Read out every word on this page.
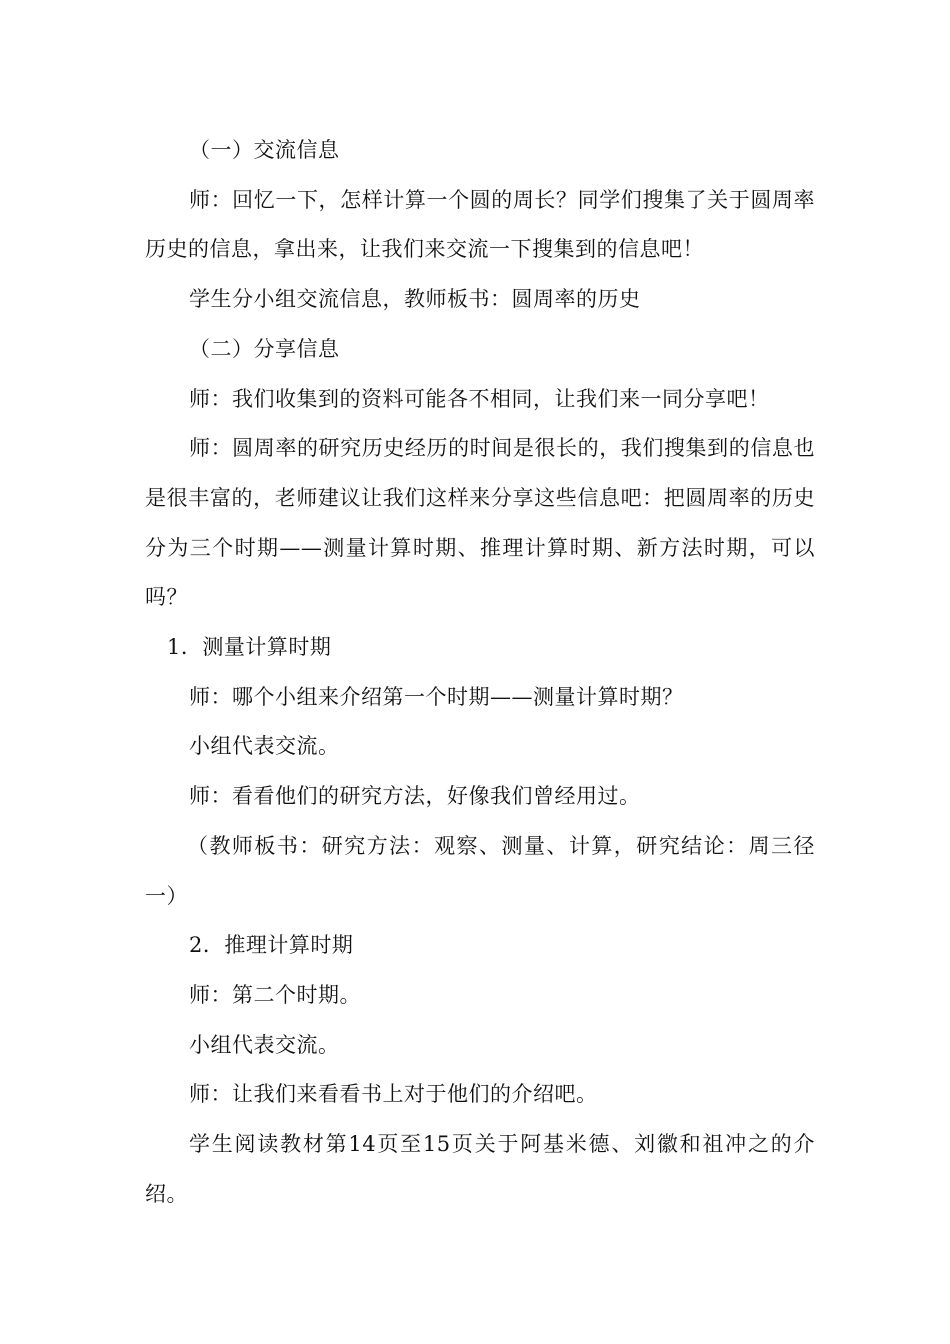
（一）交流信息

师：回忆一下，怎样计算一个圆的周长？同学们搜集了关于圆周率历史的信息，拿出来，让我们来交流一下搜集到的信息吧！

学生分小组交流信息，教师板书：圆周率的历史

（二）分享信息

师：我们收集到的资料可能各不相同，让我们来一同分享吧！

师：圆周率的研究历史经历的时间是很长的，我们搜集到的信息也是很丰富的，老师建议让我们这样来分享这些信息吧：把圆周率的历史分为三个时期——测量计算时期、推理计算时期、新方法时期，可以吗？

1．测量计算时期

师：哪个小组来介绍第一个时期——测量计算时期？

小组代表交流。

师：看看他们的研究方法，好像我们曾经用过。

（教师板书：研究方法：观察、测量、计算，研究结论：周三径一）

2．推理计算时期

师：第二个时期。

小组代表交流。

师：让我们来看看书上对于他们的介绍吧。

学生阅读教材第14页至15页关于阿基米德、刘徽和祖冲之的介绍。
